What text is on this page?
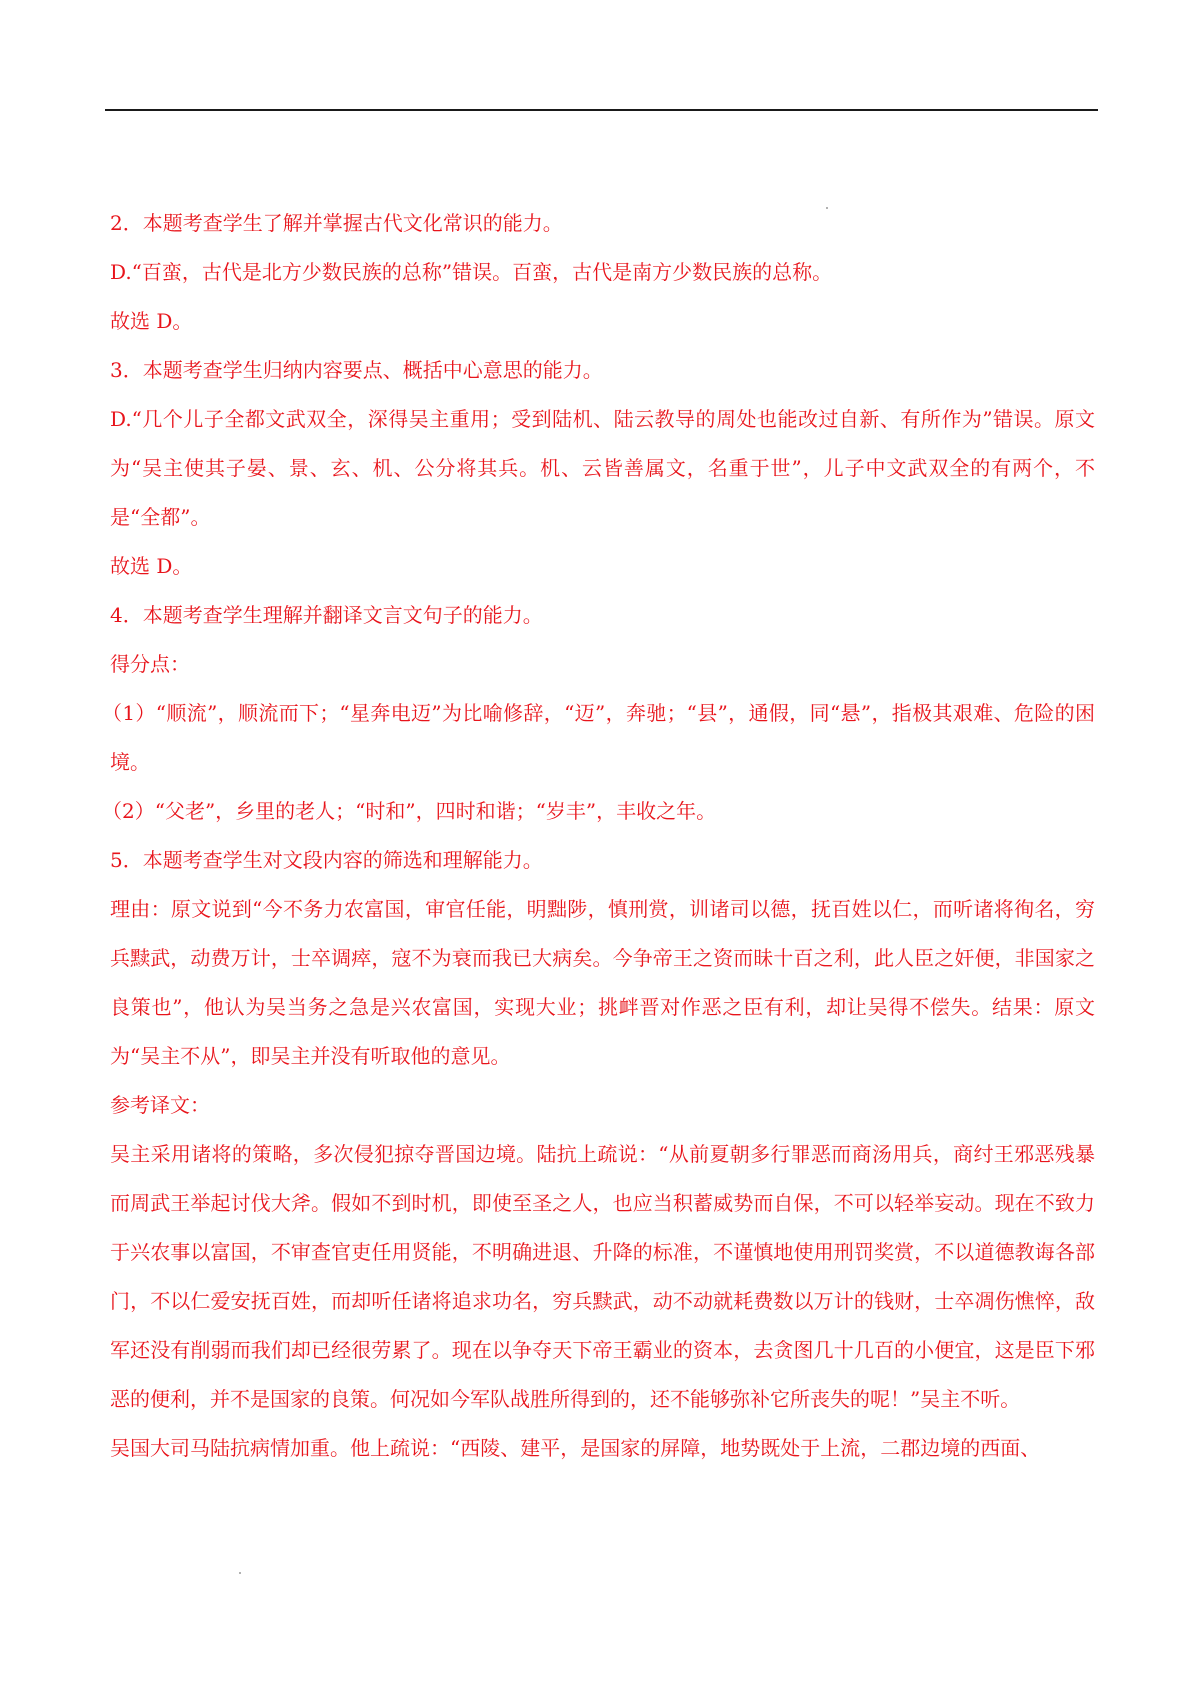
2．本题考查学生了解并掌握古代文化常识的能力。

D.“百蛮，古代是北方少数民族的总称”错误。百蛮，古代是南方少数民族的总称。

故选 D。

3．本题考查学生归纳内容要点、概括中心意思的能力。

D.“几个儿子全都文武双全，深得吴主重用；受到陆机、陆云教导的周处也能改过自新、有所作为”错误。原文为“吴主使其子晏、景、玄、机、公分将其兵。机、云皆善属文，名重于世”，儿子中文武双全的有两个，不是“全都”。

故选 D。

4．本题考查学生理解并翻译文言文句子的能力。

得分点：

（1）“顺流”，顺流而下；“星奔电迈”为比喻修辞，“迈”，奔驰；“县”，通假，同“悬”，指极其艰难、危险的困境。

（2）“父老”，乡里的老人；“时和”，四时和谐；“岁丰”，丰收之年。

5．本题考查学生对文段内容的筛选和理解能力。

理由：原文说到“今不务力农富国，审官任能，明黜陟，慎刑赏，训诸司以德，抚百姓以仁，而听诸将徇名，穷兵黩武，动费万计，士卒调瘁，寇不为衰而我已大病矣。今争帝王之资而昧十百之利，此人臣之奸便，非国家之良策也”，他认为吴当务之急是兴农富国，实现大业；挑衅晋对作恶之臣有利，却让吴得不偿失。结果：原文为“吴主不从”，即吴主并没有听取他的意见。

参考译文：

吴主采用诸将的策略，多次侵犯掠夺晋国边境。陆抗上疏说：“从前夏朝多行罪恶而商汤用兵，商纣王邪恶残暴而周武王举起讨伐大斧。假如不到时机，即使至圣之人，也应当积蓄威势而自保，不可以轻举妄动。现在不致力于兴农事以富国，不审查官吏任用贤能，不明确进退、升降的标准，不谨慎地使用刑罚奖赏，不以道德教诲各部门，不以仁爱安抚百姓，而却听任诸将追求功名，穷兵黩武，动不动就耗费数以万计的钱财，士卒凋伤憔悴，敌军还没有削弱而我们却已经很劳累了。现在以争夺天下帝王霸业的资本，去贪图几十几百的小便宜，这是臣下邪恶的便利，并不是国家的良策。何况如今军队战胜所得到的，还不能够弥补它所丧失的呢！”吴主不听。

吴国大司马陆抗病情加重。他上疏说：“西陵、建平，是国家的屏障，地势既处于上流，二郡边境的西面、
